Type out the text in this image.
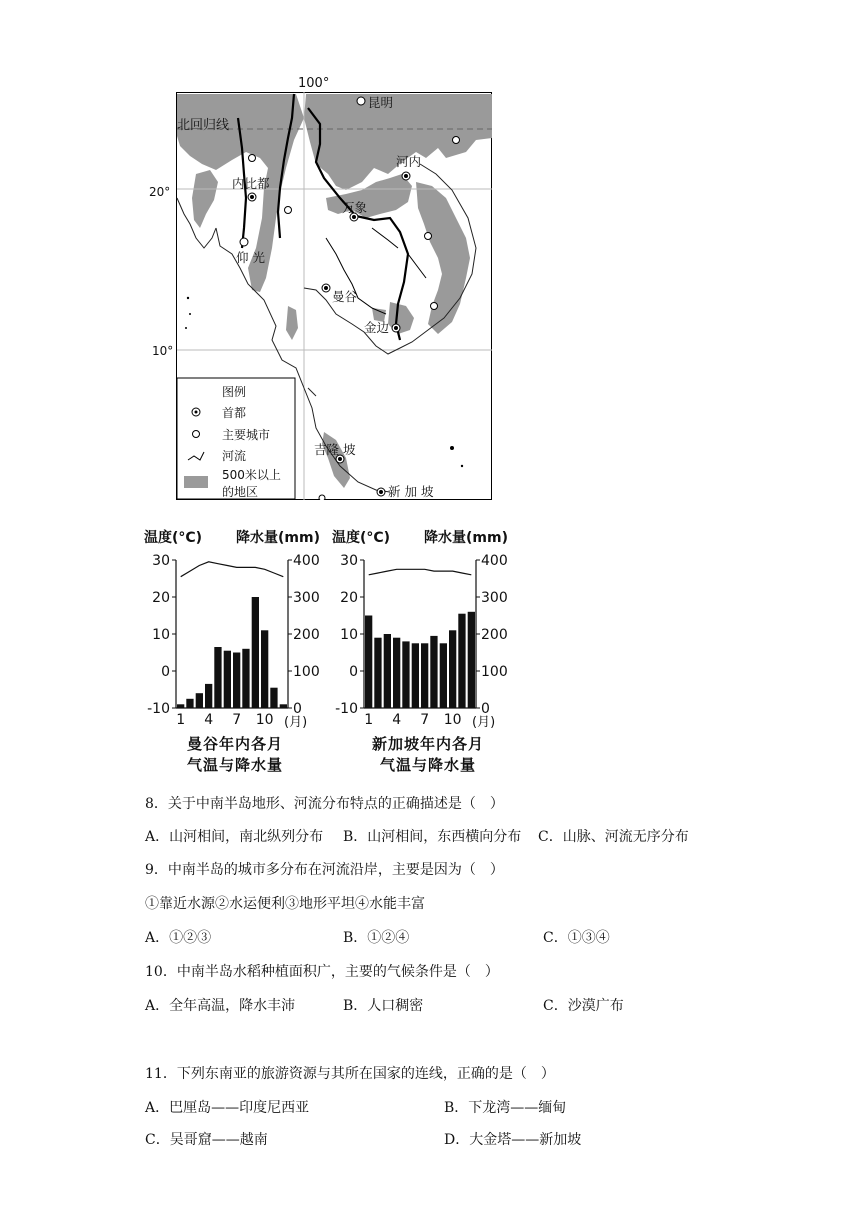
100°
北回归线
20°
10°
昆明
河内
内比都
万象
仰 光
曼谷
金边
吉隆 坡
新 加 坡
图例
首都
主要城市
河流
500米以上
的地区
温度(°C) 降水量(mm)
-10
0
10
20
30
0
100
200
300
400
1 4 7 10 (月)
曼谷年内各月
气温与降水量
温度(°C) 降水量(mm)
-10
0
10
20
30
0
100
200
300
400
1 4 7 10 (月)
新加坡年内各月
气温与降水量
8．关于中南半岛地形、河流分布特点的正确描述是（　）
A．山河相间，南北纵列分布 B．山河相间，东西横向分布 C．山脉、河流无序分布
9．中南半岛的城市多分布在河流沿岸，主要是因为（　）
①靠近水源②水运便利③地形平坦④水能丰富
A．①②③	B．①②④	C．①③④
10．中南半岛水稻种植面积广，主要的气候条件是（　）
A．全年高温，降水丰沛	B．人口稠密	C．沙漠广布
11．下列东南亚的旅游资源与其所在国家的连线，正确的是（　）
A．巴厘岛——印度尼西亚	B．下龙湾——缅甸
C．吴哥窟——越南	D．大金塔——新加坡
